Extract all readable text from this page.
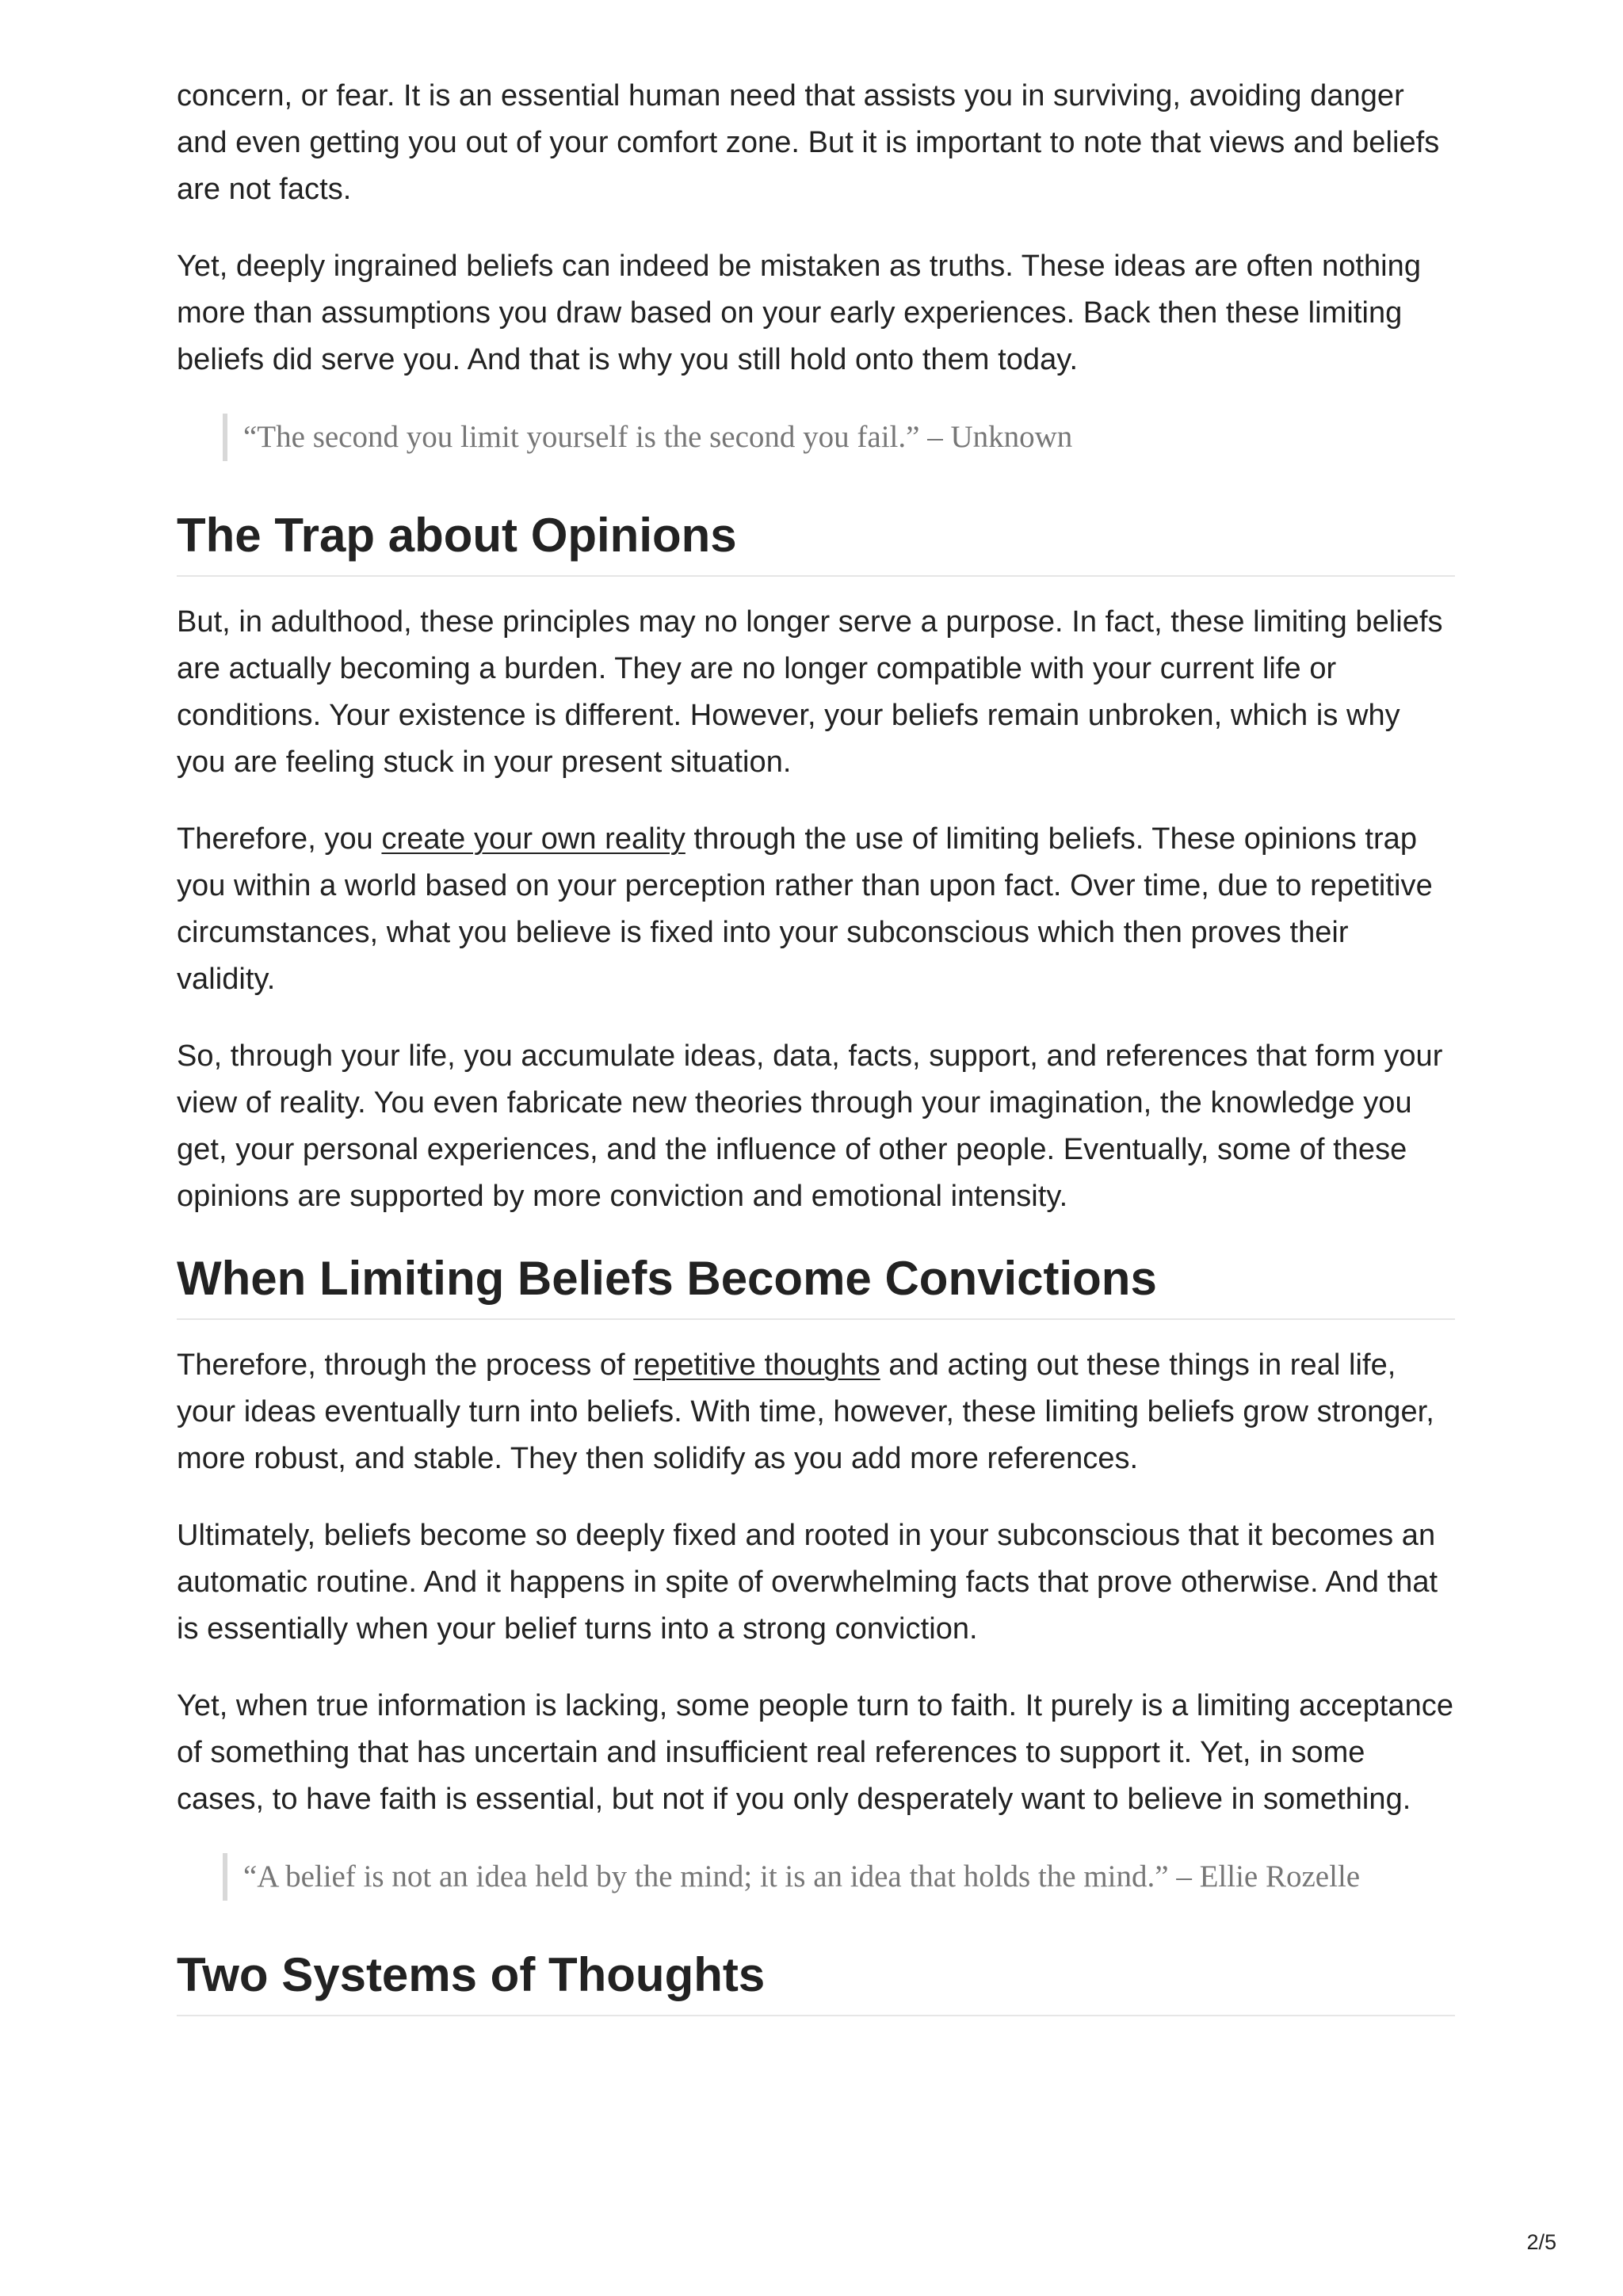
concern, or fear. It is an essential human need that assists you in surviving, avoiding danger and even getting you out of your comfort zone. But it is important to note that views and beliefs are not facts.

Yet, deeply ingrained beliefs can indeed be mistaken as truths. These ideas are often nothing more than assumptions you draw based on your early experiences. Back then these limiting beliefs did serve you. And that is why you still hold onto them today.

“The second you limit yourself is the second you fail.” – Unknown
The Trap about Opinions

But, in adulthood, these principles may no longer serve a purpose. In fact, these limiting beliefs are actually becoming a burden. They are no longer compatible with your current life or conditions. Your existence is different. However, your beliefs remain unbroken, which is why you are feeling stuck in your present situation.

Therefore, you create your own reality through the use of limiting beliefs. These opinions trap you within a world based on your perception rather than upon fact. Over time, due to repetitive circumstances, what you believe is fixed into your subconscious which then proves their validity.

So, through your life, you accumulate ideas, data, facts, support, and references that form your view of reality. You even fabricate new theories through your imagination, the knowledge you get, your personal experiences, and the influence of other people. Eventually, some of these opinions are supported by more conviction and emotional intensity.

When Limiting Beliefs Become Convictions

Therefore, through the process of repetitive thoughts and acting out these things in real life, your ideas eventually turn into beliefs. With time, however, these limiting beliefs grow stronger, more robust, and stable. They then solidify as you add more references.

Ultimately, beliefs become so deeply fixed and rooted in your subconscious that it becomes an automatic routine. And it happens in spite of overwhelming facts that prove otherwise. And that is essentially when your belief turns into a strong conviction.

Yet, when true information is lacking, some people turn to faith. It purely is a limiting acceptance of something that has uncertain and insufficient real references to support it. Yet, in some cases, to have faith is essential, but not if you only desperately want to believe in something.

“A belief is not an idea held by the mind; it is an idea that holds the mind.” – Ellie Rozelle
Two Systems of Thoughts
2/5
